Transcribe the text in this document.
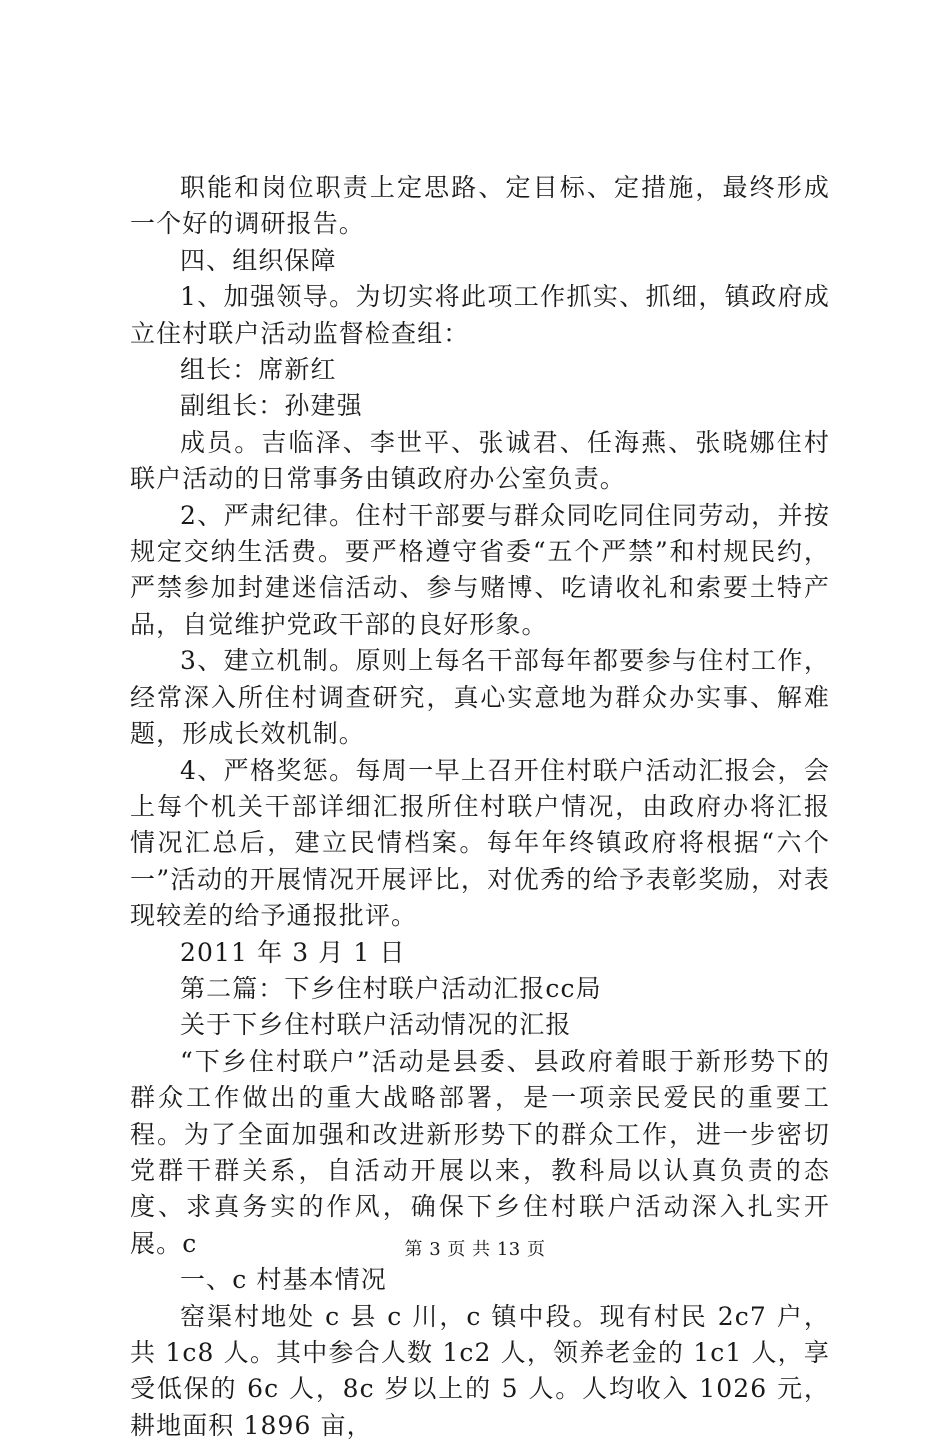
职能和岗位职责上定思路、定目标、定措施，最终形成一个好的调研报告。

四、组织保障

1、加强领导。为切实将此项工作抓实、抓细，镇政府成立住村联户活动监督检查组：

组长：席新红

副组长：孙建强

成员。吉临泽、李世平、张诚君、任海燕、张晓娜住村联户活动的日常事务由镇政府办公室负责。

2、严肃纪律。住村干部要与群众同吃同住同劳动，并按规定交纳生活费。要严格遵守省委“五个严禁”和村规民约，严禁参加封建迷信活动、参与赌博、吃请收礼和索要土特产品，自觉维护党政干部的良好形象。

3、建立机制。原则上每名干部每年都要参与住村工作，经常深入所住村调查研究，真心实意地为群众办实事、解难题，形成长效机制。

4、严格奖惩。每周一早上召开住村联户活动汇报会，会上每个机关干部详细汇报所住村联户情况，由政府办将汇报情况汇总后，建立民情档案。每年年终镇政府将根据“六个一”活动的开展情况开展评比，对优秀的给予表彰奖励，对表现较差的给予通报批评。

2011 年 3 月 1 日

第二篇：下乡住村联户活动汇报cc局

关于下乡住村联户活动情况的汇报

“下乡住村联户”活动是县委、县政府着眼于新形势下的群众工作做出的重大战略部署，是一项亲民爱民的重要工程。为了全面加强和改进新形势下的群众工作，进一步密切党群干群关系，自活动开展以来，教科局以认真负责的态度、求真务实的作风，确保下乡住村联户活动深入扎实开展。c

一、c 村基本情况

窑渠村地处 c 县 c 川，c 镇中段。现有村民 2c7 户，共 1c8 人。其中参合人数 1c2 人，领养老金的 1c1 人，享受低保的 6c 人，8c 岁以上的 5 人。人均收入 1026 元，耕地面积 1896 亩，

第 3 页 共 13 页
